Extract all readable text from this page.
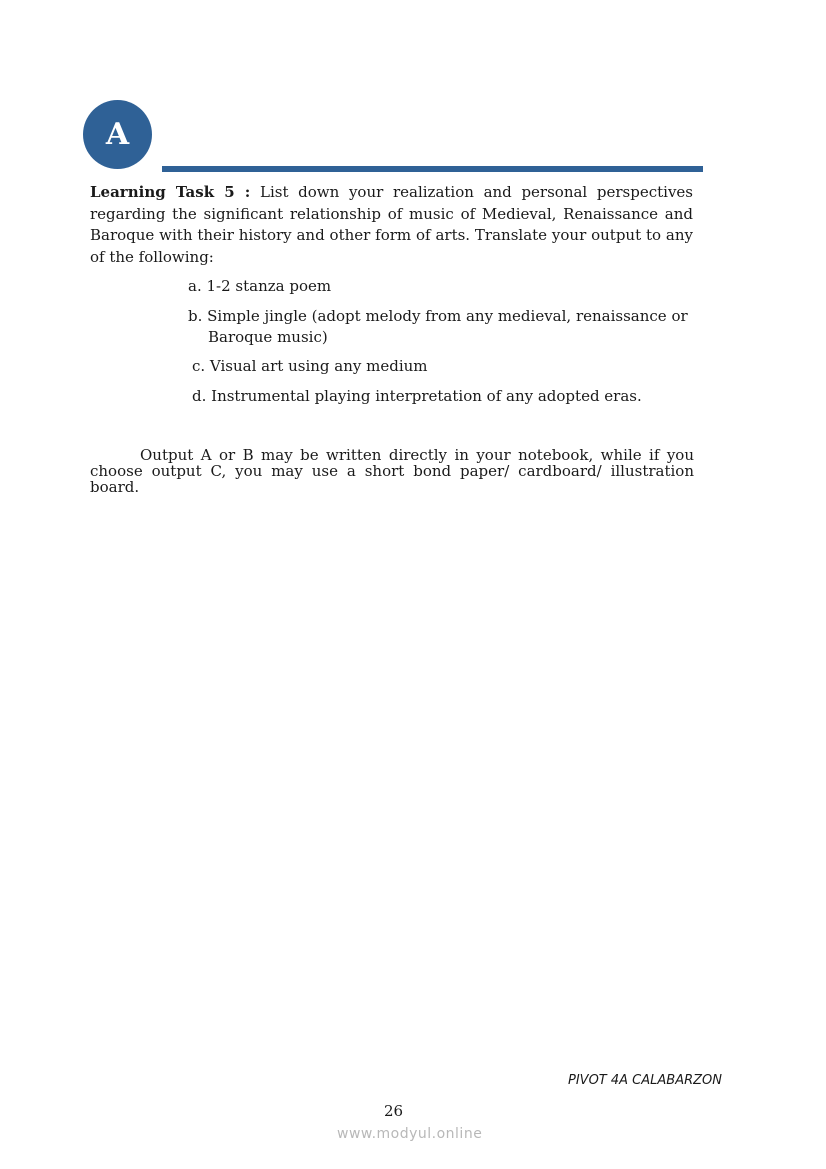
A

Learning Task 5 : List down your realization and personal perspectives regarding the significant relationship of music of Medieval, Renaissance and Baroque with their history and other form of arts. Translate your output to any of the following:

a. 1-2 stanza poem
b. Simple jingle (adopt melody from any medieval, renaissance or
Baroque music)
c. Visual art using any medium
d. Instrumental playing interpretation of any adopted eras.

Output A or B may be written directly in your notebook, while if you choose output C, you may use a short bond paper/ cardboard/ illustration board.

PIVOT 4A CALABARZON
26
www.modyul.online
